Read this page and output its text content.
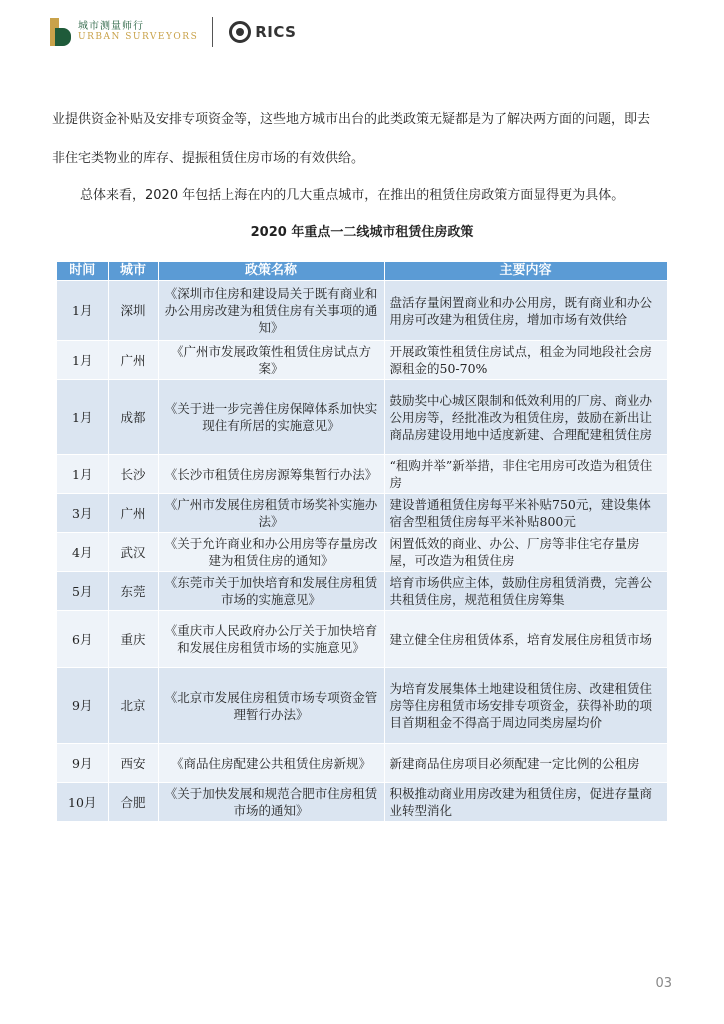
城市测量师行
URBAN SURVEYORS	RICS
业提供资金补贴及安排专项资金等，这些地方城市出台的此类政策无疑都是为了解决两方面的问题，即去
非住宅类物业的库存、提振租赁住房市场的有效供给。
总体来看，2020 年包括上海在内的几大重点城市，在推出的租赁住房政策方面显得更为具体。
2020 年重点一二线城市租赁住房政策
时间	城市	政策名称	主要内容
1月	深圳	《深圳市住房和建设局关于既有商业和办公用房改建为租赁住房有关事项的通知》	盘活存量闲置商业和办公用房，既有商业和办公用房可改建为租赁住房，增加市场有效供给
1月	广州	《广州市发展政策性租赁住房试点方案》	开展政策性租赁住房试点，租金为同地段社会房源租金的50-70%
1月	成都	《关于进一步完善住房保障体系加快实现住有所居的实施意见》	鼓励奖中心城区限制和低效利用的厂房、商业办公用房等，经批准改为租赁住房，鼓励在新出让商品房建设用地中适度新建、合理配建租赁住房
1月	长沙	《长沙市租赁住房房源筹集暂行办法》	“租购并举”新举措，非住宅用房可改造为租赁住房
3月	广州	《广州市发展住房租赁市场奖补实施办法》	建设普通租赁住房每平米补贴750元，建设集体宿舍型租赁住房每平米补贴800元
4月	武汉	《关于允许商业和办公用房等存量房改建为租赁住房的通知》	闲置低效的商业、办公、厂房等非住宅存量房屋，可改造为租赁住房
5月	东莞	《东莞市关于加快培育和发展住房租赁市场的实施意见》	培育市场供应主体，鼓励住房租赁消费，完善公共租赁住房，规范租赁住房筹集
6月	重庆	《重庆市人民政府办公厅关于加快培育和发展住房租赁市场的实施意见》	建立健全住房租赁体系，培育发展住房租赁市场
9月	北京	《北京市发展住房租赁市场专项资金管理暂行办法》	为培育发展集体土地建设租赁住房、改建租赁住房等住房租赁市场安排专项资金，获得补助的项目首期租金不得高于周边同类房屋均价
9月	西安	《商品住房配建公共租赁住房新规》	新建商品住房项目必须配建一定比例的公租房
10月	合肥	《关于加快发展和规范合肥市住房租赁市场的通知》	积极推动商业用房改建为租赁住房，促进存量商业转型消化
03
